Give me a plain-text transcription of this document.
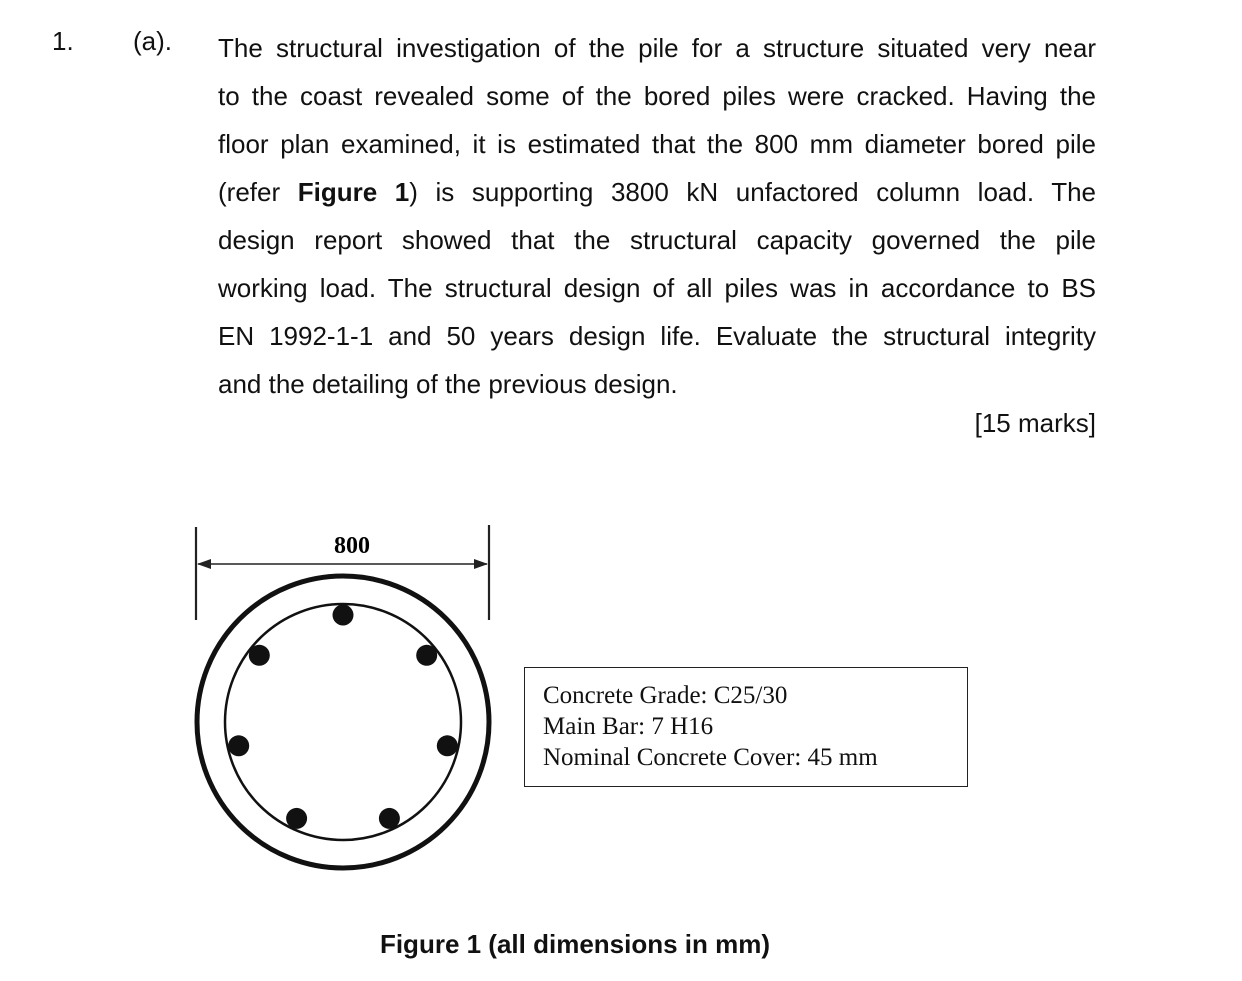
1. (a). The structural investigation of the pile for a structure situated very near
to the coast revealed some of the bored piles were cracked. Having the
floor plan examined, it is estimated that the 800 mm diameter bored pile
(refer Figure 1) is supporting 3800 kN unfactored column load. The
design report showed that the structural capacity governed the pile
working load. The structural design of all piles was in accordance to BS
EN 1992-1-1 and 50 years design life. Evaluate the structural integrity
and the detailing of the previous design.
[15 marks]
800
Concrete Grade: C25/30
Main Bar: 7 H16
Nominal Concrete Cover: 45 mm
Figure 1 (all dimensions in mm)
